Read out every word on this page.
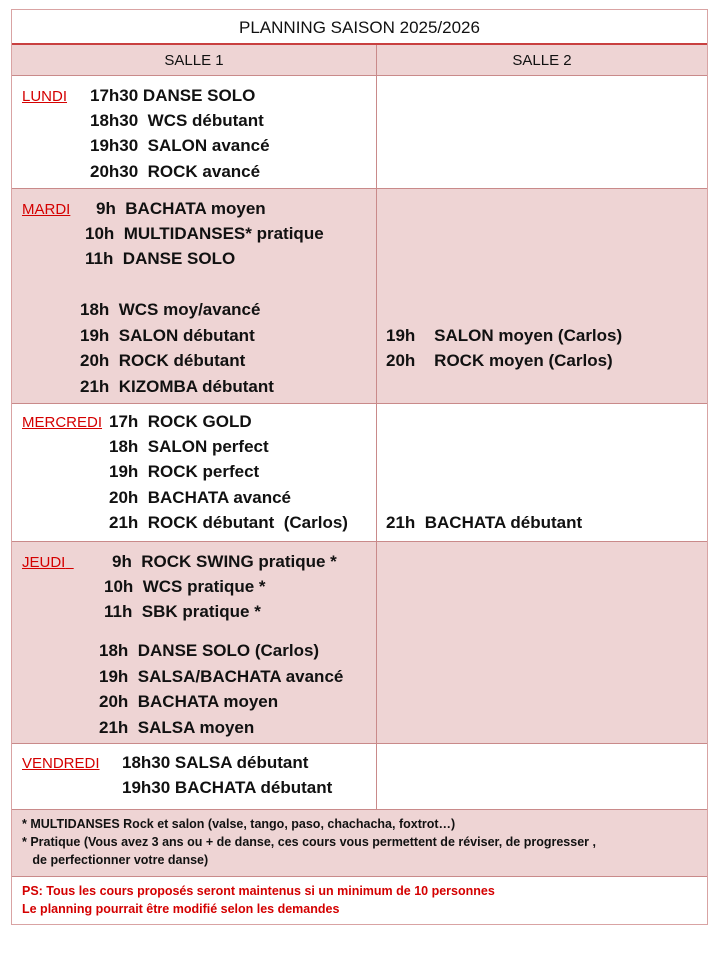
PLANNING SAISON 2025/2026
SALLE 1	SALLE 2
LUNDI 17h30 DANSE SOLO
18h30  WCS débutant
19h30  SALON avancé
20h30  ROCK avancé
MARDI 9h  BACHATA moyen
10h  MULTIDANSES* pratique
11h  DANSE SOLO
18h  WCS moy/avancé
19h  SALON débutant
20h  ROCK débutant
21h  KIZOMBA débutant
19h    SALON moyen (Carlos)
20h    ROCK moyen (Carlos)
MERCREDI 17h  ROCK GOLD
18h  SALON perfect
19h  ROCK perfect
20h  BACHATA avancé
21h  ROCK débutant  (Carlos) 21h  BACHATA débutant
JEUDI	9h  ROCK SWING pratique *
10h  WCS pratique *
11h  SBK pratique *
18h  DANSE SOLO (Carlos)
19h  SALSA/BACHATA avancé
20h  BACHATA moyen
21h  SALSA moyen
VENDREDI 18h30 SALSA débutant
19h30 BACHATA débutant
* MULTIDANSES Rock et salon (valse, tango, paso, chachacha, foxtrot…)
* Pratique (Vous avez 3 ans ou + de danse, ces cours vous permettent de réviser, de progresser ,
de perfectionner votre danse)
PS: Tous les cours proposés seront maintenus si un minimum de 10 personnes
Le planning pourrait être modifié selon les demandes
